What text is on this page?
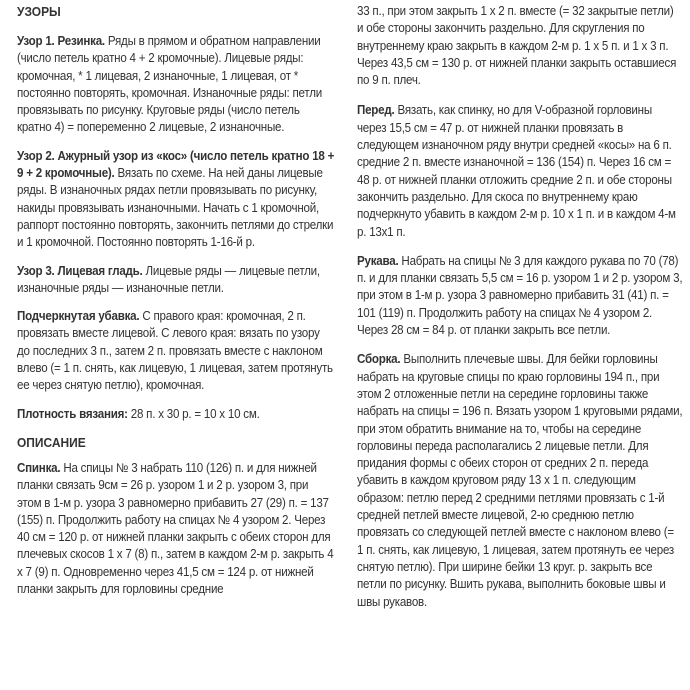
УЗОРЫ

Узор 1. Резинка. Ряды в прямом и обратном направлении (число петель кратно 4 + 2 кромочные). Лицевые ряды: кромочная, * 1 лицевая, 2 изнаночные, 1 лицевая, от * постоянно повторять, кромочная. Изнаночные ряды: петли провязывать по рисунку. Круговые ряды (число петель кратно 4) = попеременно 2 лицевые, 2 изнаночные.

Узор 2. Ажурный узор из «кос» (число петель кратно 18 + 9 + 2 кромочные). Вязать по схеме. На ней даны лицевые ряды. В изнаночных рядах петли провязывать по рисунку, накиды провязывать изнаночными. Начать с 1 кромочной, раппорт постоянно повторять, закончить петлями до стрелки и 1 кромочной. Постоянно повторять 1-16-й р.

Узор 3. Лицевая гладь. Лицевые ряды — лицевые петли, изнаночные ряды — изнаночные петли.

Подчеркнутая убавка. С правого края: кромочная, 2 п. провязать вместе лицевой. С левого края: вязать по узору до последних 3 п., затем 2 п. провязать вместе с наклоном влево (= 1 п. снять, как лицевую, 1 лицевая, затем протянуть ее через снятую петлю), кромочная.

Плотность вязания: 28 п. х 30 р. = 10 х 10 см.

ОПИСАНИЕ

Спинка. На спицы № 3 набрать 110 (126) п. и для нижней планки связать 9см = 26 р. узором 1 и 2 р. узором 3, при этом в 1-м р. узора 3 равномерно прибавить 27 (29) п. = 137 (155) п. Продолжить работу на спицах № 4 узором 2. Через 40 см = 120 р. от нижней планки закрыть с обеих сторон для плечевых скосов 1 х 7 (8) п., затем в каждом 2-м р. закрыть 4 х 7 (9) п. Одновременно через 41,5 см = 124 р. от нижней планки закрыть для горловины средние

33 п., при этом закрыть 1 х 2 п. вместе (= 32 закрытые петли) и обе стороны закончить раздельно. Для скругления по внутреннему краю закрыть в каждом 2-м р. 1 х 5 п. и 1 х 3 п. Через 43,5 см = 130 р. от нижней планки закрыть оставшиеся по 9 п. плеч.

Перед. Вязать, как спинку, но для V-образной горловины через 15,5 см = 47 р. от нижней планки провязать в следующем изнаночном ряду внутри средней «косы» на 6 п. средние 2 п. вместе изнаночной = 136 (154) п. Через 16 см = 48 р. от нижней планки отложить средние 2 п. и обе стороны закончить раздельно. Для скоса по внутреннему краю подчеркнуто убавить в каждом 2-м р. 10 х 1 п. и в каждом 4-м р. 13х1 п.

Рукава. Набрать на спицы № 3 для каждого рукава по 70 (78) п. и для планки связать 5,5 см = 16 р. узором 1 и 2 р. узором 3, при этом в 1-м р. узора 3 равномерно прибавить 31 (41) п. = 101 (119) п. Продолжить работу на спицах № 4 узором 2. Через 28 см = 84 р. от планки закрыть все петли.

Сборка. Выполнить плечевые швы. Для бейки горловины набрать на круговые спицы по краю горловины 194 п., при этом 2 отложенные петли на середине горловины также набрать на спицы = 196 п. Вязать узором 1 круговыми рядами, при этом обратить внимание на то, чтобы на середине горловины переда располагались 2 лицевые петли. Для придания формы с обеих сторон от средних 2 п. переда убавить в каждом круговом ряду 13 х 1 п. следующим образом: петлю перед 2 средними петлями провязать с 1-й средней петлей вместе лицевой, 2-ю среднюю петлю провязать со следующей петлей вместе с наклоном влево (= 1 п. снять, как лицевую, 1 лицевая, затем протянуть ее через снятую петлю). При ширине бейки 13 круг. р. закрыть все петли по рисунку. Вшить рукава, выполнить боковые швы и швы рукавов.
